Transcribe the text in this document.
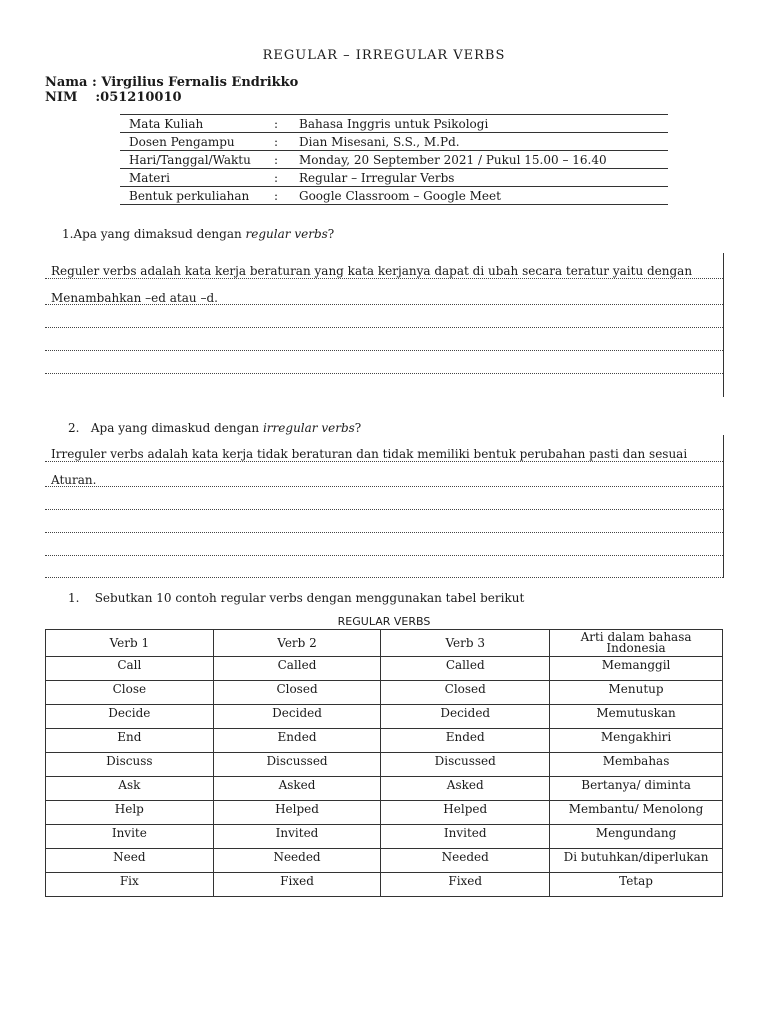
REGULAR – IRREGULAR VERBS
Nama : Virgilius Fernalis Endrikko
NIM :051210010
Mata Kuliah	:	Bahasa Inggris untuk Psikologi
Dosen Pengampu	:	Dian Misesani, S.S., M.Pd.
Hari/Tanggal/Waktu	:	Monday, 20 September 2021 / Pukul 15.00 – 16.40
Materi	:	Regular – Irregular Verbs
Bentuk perkuliahan	:	Google Classroom – Google Meet
1.Apa yang dimaksud dengan regular verbs?
Reguler verbs adalah kata kerja beraturan yang kata kerjanya dapat di ubah secara teratur yaitu dengan
Menambahkan –ed atau –d.
2.   Apa yang dimaskud dengan irregular verbs?
Irreguler verbs adalah kata kerja tidak beraturan dan tidak memiliki bentuk perubahan pasti dan sesuai
Aturan.
1.    Sebutkan 10 contoh regular verbs dengan menggunakan tabel berikut
REGULAR VERBS
Verb 1	Verb 2	Verb 3	Arti dalam bahasa Indonesia
Call	Called	Called	Memanggil
Close	Closed	Closed	Menutup
Decide	Decided	Decided	Memutuskan
End	Ended	Ended	Mengakhiri
Discuss	Discussed	Discussed	Membahas
Ask	Asked	Asked	Bertanya/ diminta
Help	Helped	Helped	Membantu/ Menolong
Invite	Invited	Invited	Mengundang
Need	Needed	Needed	Di butuhkan/diperlukan
Fix	Fixed	Fixed	Tetap
